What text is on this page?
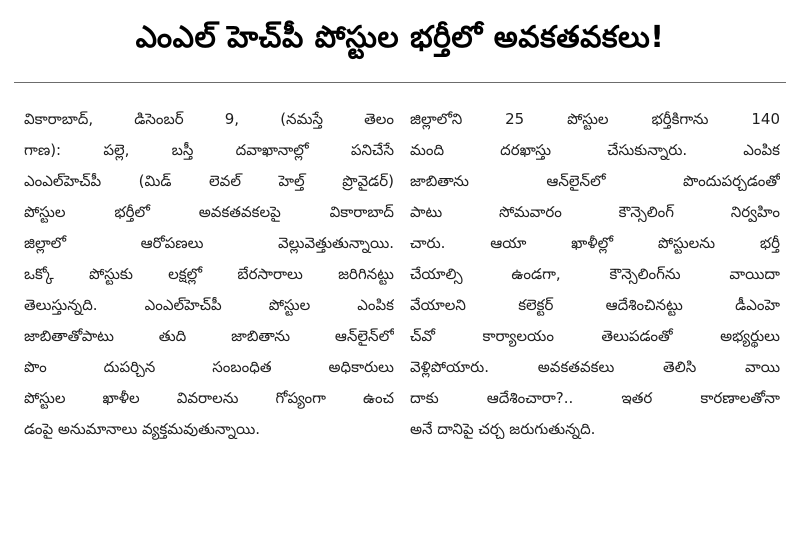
ఎంఎల్‌ హెచ్‌పీ పోస్టుల భర్తీలో అవకతవకలు!
వికారాబాద్‌, డిసెంబర్‌ 9, (నమస్తే తెలం
గాణ): పల్లె, బస్తీ దవాఖానాల్లో పనిచేసే
ఎంఎల్‌హెచ్‌పీ (మిడ్‌ లెవల్‌ హెల్త్‌ ప్రొవైడర్‌)
పోస్టుల భర్తీలో అవకతవకలపై వికారాబాద్‌
జిల్లాలో ఆరోపణలు వెల్లువెత్తుతున్నాయి.
ఒక్కో పోస్టుకు లక్షల్లో బేరసారాలు జరిగినట్టు
తెలుస్తున్నది. ఎంఎల్‌హెచ్‌పీ పోస్టుల ఎంపిక
జాబితాతోపాటు తుది జాబితాను ఆన్‌లైన్‌లో
పొం దుపర్చిన సంబంధిత అధికారులు
పోస్టుల ఖాళీల వివరాలను గోప్యంగా ఉంచ
డంపై అనుమానాలు వ్యక్తమవుతున్నాయి.
జిల్లాలోని 25 పోస్టుల భర్తీకిగాను 140
మంది దరఖాస్తు చేసుకున్నారు. ఎంపిక
జాబితాను ఆన్‌లైన్‌లో పొందుపర్చడంతో
పాటు సోమవారం కౌన్సెలింగ్‌ నిర్వహిం
చారు. ఆయా ఖాళీల్లో పోస్టులను భర్తీ
చేయాల్సి ఉండగా, కౌన్సెలింగ్‌ను వాయిదా
వేయాలని కలెక్టర్‌ ఆదేశించినట్టు డీఎంహె
చ్‌వో కార్యాలయం తెలుపడంతో అభ్యర్థులు
వెళ్లిపోయారు. అవకతవకలు తెలిసి వాయి
దాకు ఆదేశించారా?.. ఇతర కారణాలతోనా
అనే దానిపై చర్చ జరుగుతున్నది.
